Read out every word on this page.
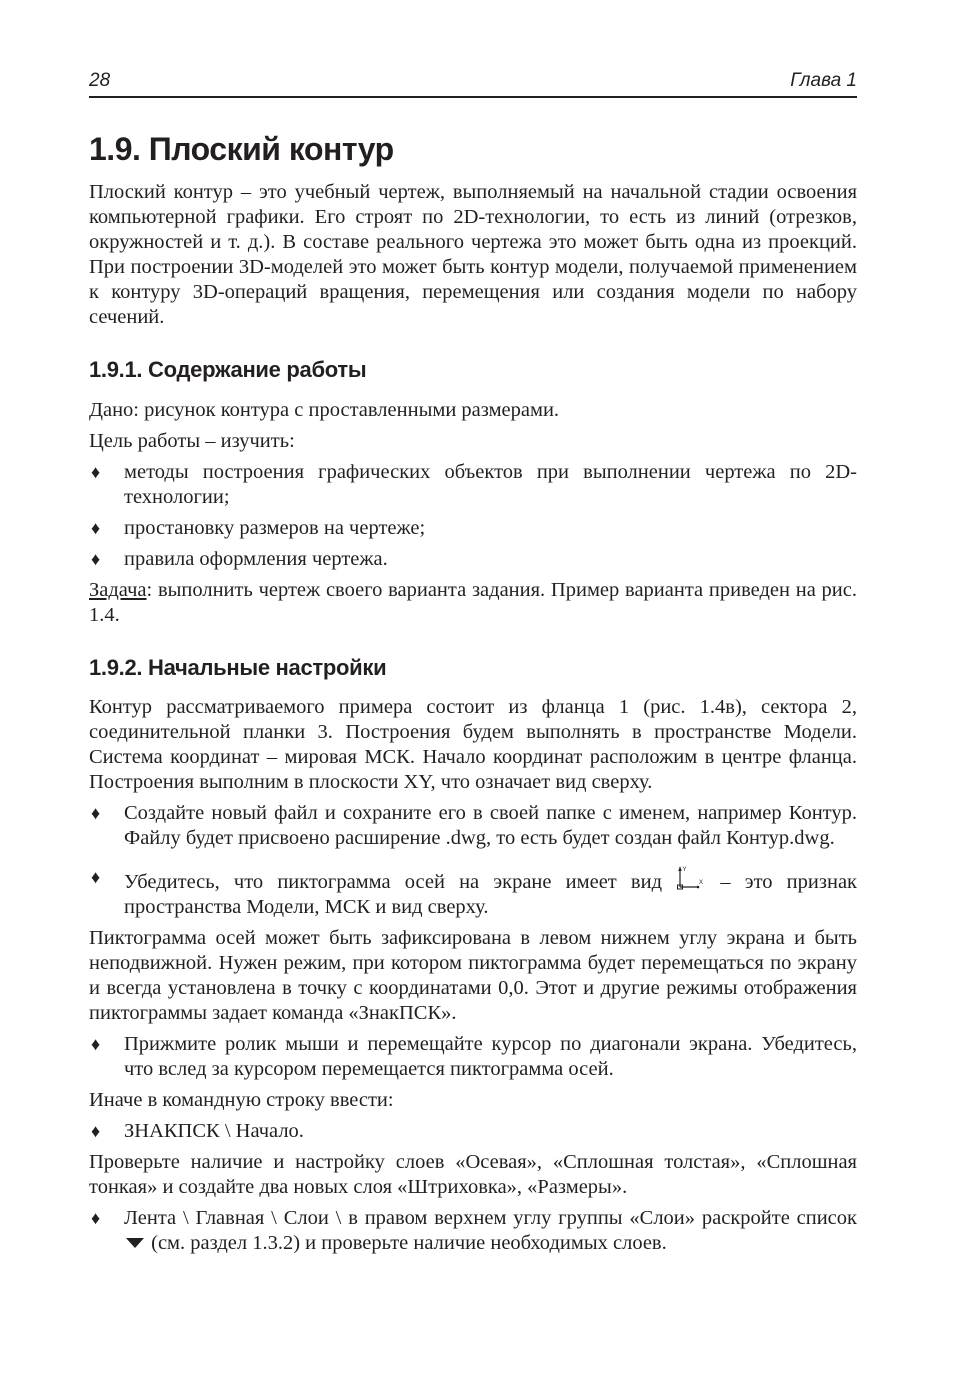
28	Глава 1
1.9. Плоский контур

Плоский контур – это учебный чертеж, выполняемый на начальной стадии освоения компьютерной графики. Его строят по 2D-технологии, то есть из линий (отрезков, окружностей и т. д.). В составе реального чертежа это может быть одна из проекций. При построении 3D-моделей это может быть контур модели, получаемой применением к контуру 3D-операций вращения, перемещения или создания модели по набору сечений.

1.9.1. Содержание работы

Дано: рисунок контура с проставленными размерами.

Цель работы – изучить:

♦ методы построения графических объектов при выполнении чертежа по 2D-технологии;
♦ простановку размеров на чертеже;
♦ правила оформления чертежа.

Задача: выполнить чертеж своего варианта задания. Пример варианта приведен на рис. 1.4.

1.9.2. Начальные настройки

Контур рассматриваемого примера состоит из фланца 1 (рис. 1.4в), сектора 2, соединительной планки 3. Построения будем выполнять в пространстве Модели. Система координат – мировая МСК. Начало координат расположим в центре фланца. Построения выполним в плоскости XY, что означает вид сверху.

♦ Создайте новый файл и сохраните его в своей папке с именем, например Контур. Файлу будет присвоено расширение .dwg, то есть будет создан файл Контур.dwg.
♦ Убедитесь, что пиктограмма осей на экране имеет вид
Y
X – это признак пространства Модели, МСК и вид сверху.

Пиктограмма осей может быть зафиксирована в левом нижнем углу экрана и быть неподвижной. Нужен режим, при котором пиктограмма будет перемещаться по экрану и всегда установлена в точку с координатами 0,0. Этот и другие режимы отображения пиктограммы задает команда «ЗнакПСК».

♦ Прижмите ролик мыши и перемещайте курсор по диагонали экрана. Убедитесь, что вслед за курсором перемещается пиктограмма осей.

Иначе в командную строку ввести:

♦ ЗНАКПСК \ Начало.

Проверьте наличие и настройку слоев «Осевая», «Сплошная толстая», «Сплошная тонкая» и создайте два новых слоя «Штриховка», «Размеры».

♦ Лента \ Главная \ Слои \ в правом верхнем углу группы «Слои» раскройте список  (см. раздел 1.3.2) и проверьте наличие необходимых слоев.
